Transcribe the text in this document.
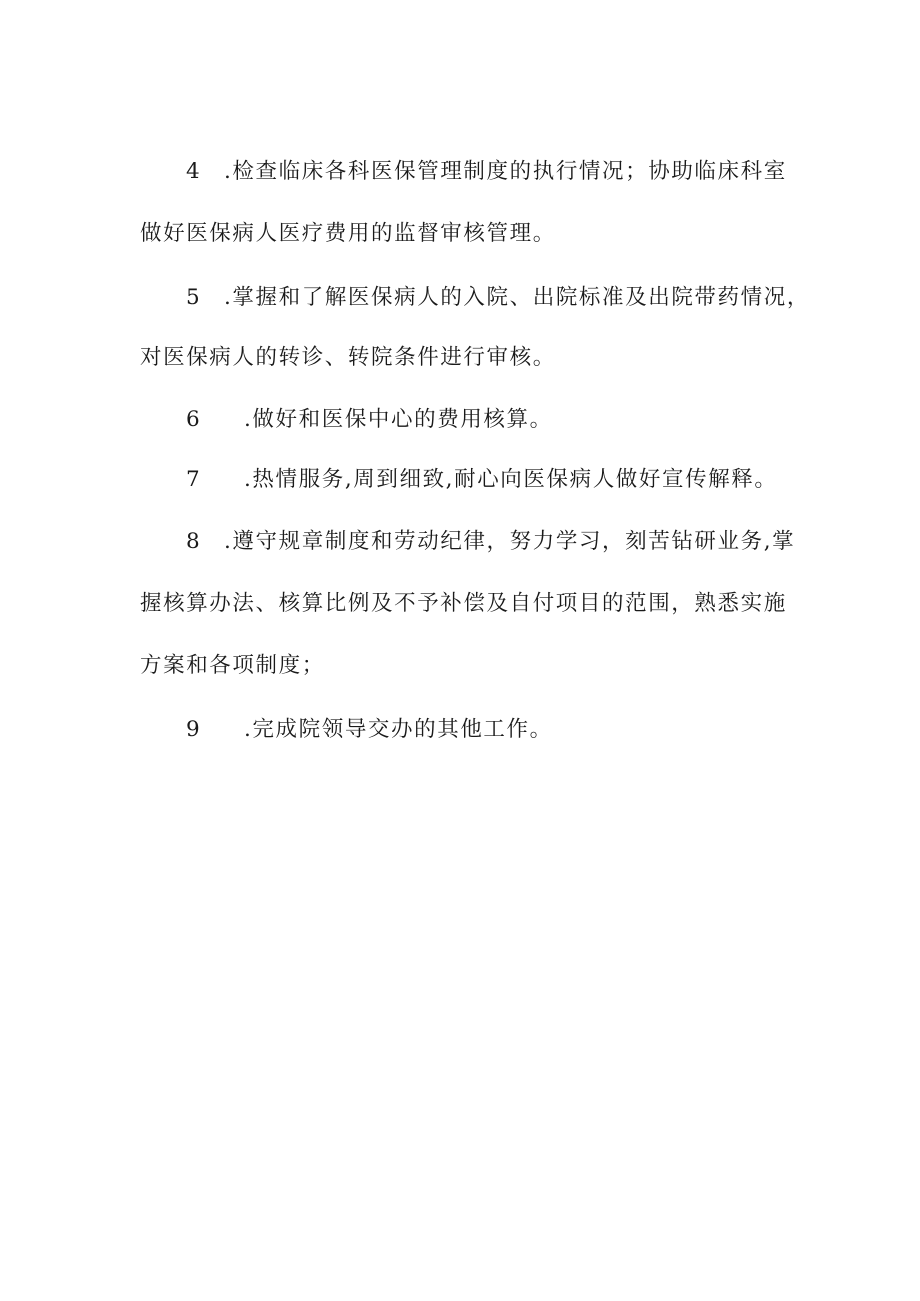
4 .检查临床各科医保管理制度的执行情况；协助临床科室
做好医保病人医疗费用的监督审核管理。
5 .掌握和了解医保病人的入院、出院标准及出院带药情况，
对医保病人的转诊、转院条件进行审核。
6 .做好和医保中心的费用核算。
7 .热情服务,周到细致,耐心向医保病人做好宣传解释。
8 .遵守规章制度和劳动纪律，努力学习，刻苦钻研业务,掌
握核算办法、核算比例及不予补偿及自付项目的范围，熟悉实施
方案和各项制度；
9 .完成院领导交办的其他工作。
